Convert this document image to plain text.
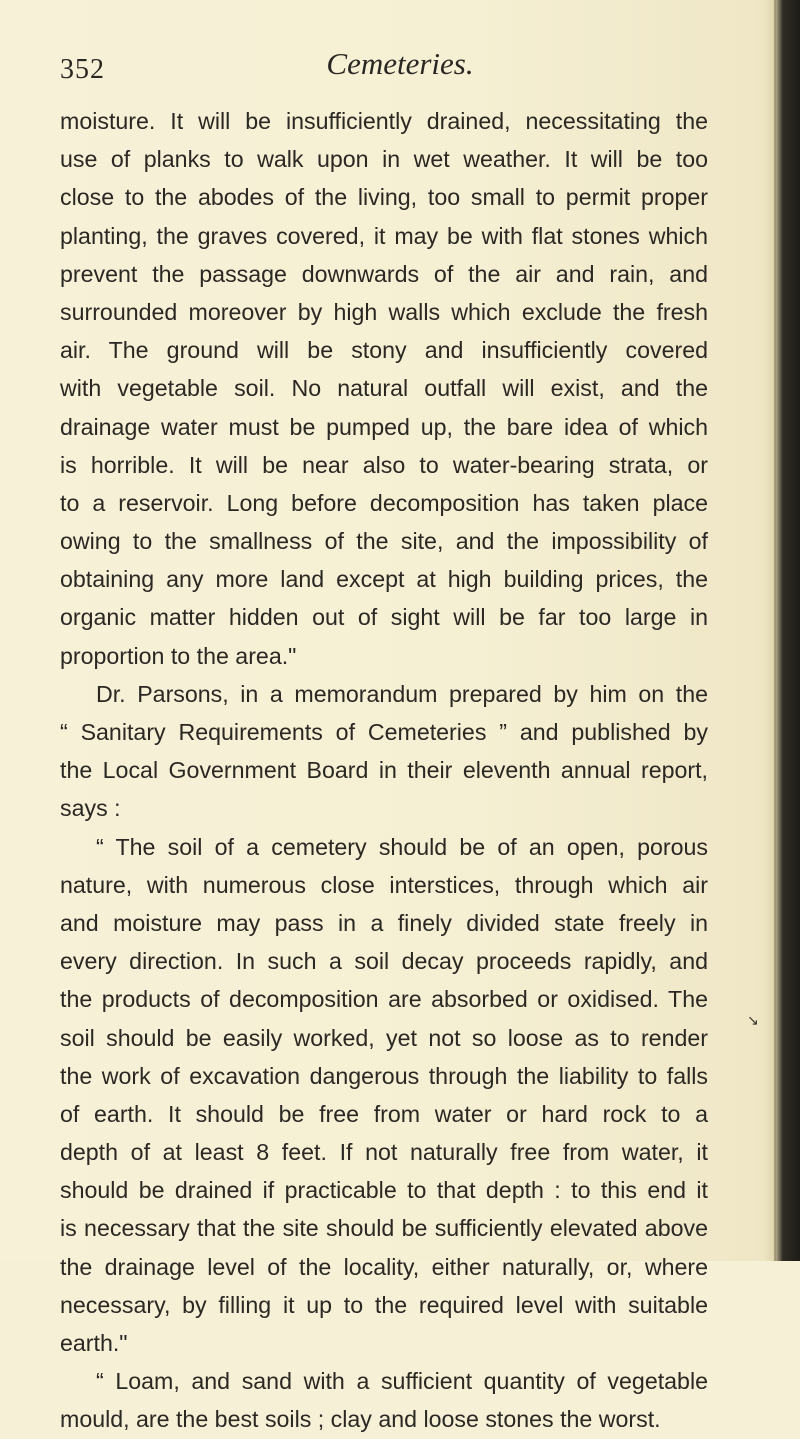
352	Cemeteries.
moisture. It will be insufficiently drained, necessitating the
use of planks to walk upon in wet weather. It will be too
close to the abodes of the living, too small to permit proper
planting, the graves covered, it may be with flat stones which
prevent the passage downwards of the air and rain, and
surrounded moreover by high walls which exclude the fresh
air. The ground will be stony and insufficiently covered
with vegetable soil. No natural outfall will exist, and the
drainage water must be pumped up, the bare idea of which
is horrible. It will be near also to water-bearing strata, or
to a reservoir. Long before decomposition has taken place
owing to the smallness of the site, and the impossibility of
obtaining any more land except at high building prices, the
organic matter hidden out of sight will be far too large in
proportion to the area."
Dr. Parsons, in a memorandum prepared by him on the
“ Sanitary Requirements of Cemeteries ” and published by
the Local Government Board in their eleventh annual report,
says :
“ The soil of a cemetery should be of an open, porous
nature, with numerous close interstices, through which air
and moisture may pass in a finely divided state freely in
every direction. In such a soil decay proceeds rapidly, and
the products of decomposition are absorbed or oxidised. The
soil should be easily worked, yet not so loose as to render
the work of excavation dangerous through the liability to falls
of earth. It should be free from water or hard rock to a
depth of at least 8 feet. If not naturally free from water, it
should be drained if practicable to that depth : to this end it
is necessary that the site should be sufficiently elevated above
the drainage level of the locality, either naturally, or, where
necessary, by filling it up to the required level with suitable
earth."
“ Loam, and sand with a sufficient quantity of vegetable
mould, are the best soils ; clay and loose stones the worst.
↘
